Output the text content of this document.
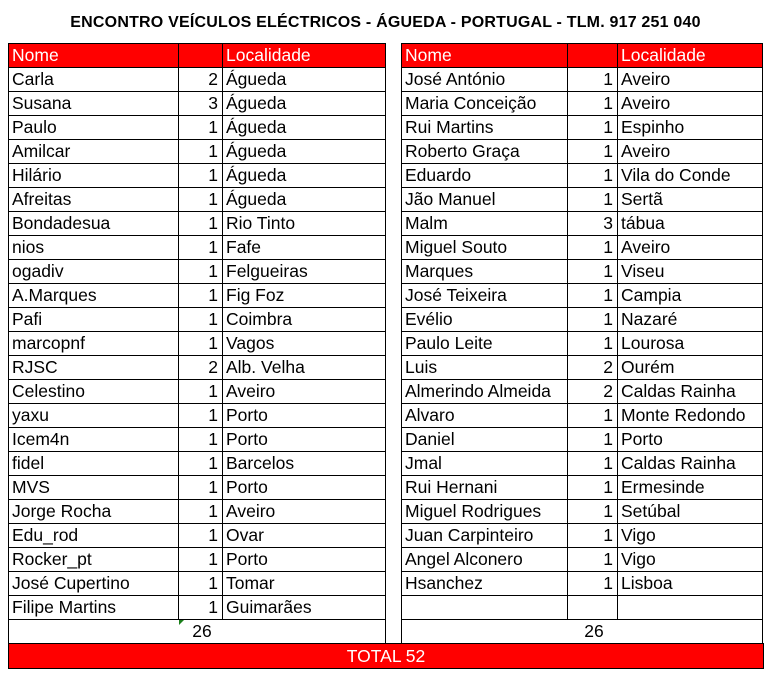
ENCONTRO VEÍCULOS ELÉCTRICOS - ÁGUEDA - PORTUGAL - TLM. 917 251 040
Nome		Localidade
Carla	2	Águeda
Susana	3	Águeda
Paulo	1	Águeda
Amilcar	1	Águeda
Hilário	1	Águeda
Afreitas	1	Águeda
Bondadesua	1	Rio Tinto
nios	1	Fafe
ogadiv	1	Felgueiras
A.Marques	1	Fig Foz
Pafi	1	Coimbra
marcopnf	1	Vagos
RJSC	2	Alb. Velha
Celestino	1	Aveiro
yaxu	1	Porto
Icem4n	1	Porto
fidel	1	Barcelos
MVS	1	Porto
Jorge Rocha	1	Aveiro
Edu_rod	1	Ovar
Rocker_pt	1	Porto
José Cupertino	1	Tomar
Filipe Martins	1	Guimarães
	26

Nome		Localidade
José António	1	Aveiro
Maria Conceição	1	Aveiro
Rui Martins	1	Espinho
Roberto Graça	1	Aveiro
Eduardo	1	Vila do Conde
Jão Manuel	1	Sertã
Malm	3	tábua
Miguel Souto	1	Aveiro
Marques	1	Viseu
José Teixeira	1	Campia
Evélio	1	Nazaré
Paulo Leite	1	Lourosa
Luis	2	Ourém
Almerindo Almeida	2	Caldas Rainha
Alvaro	1	Monte Redondo
Daniel	1	Porto
Jmal	1	Caldas Rainha
Rui Hernani	1	Ermesinde
Miguel Rodrigues	1	Setúbal
Juan Carpinteiro	1	Vigo
Angel Alconero	1	Vigo
Hsanchez	1	Lisboa

	26	
TOTAL 52
